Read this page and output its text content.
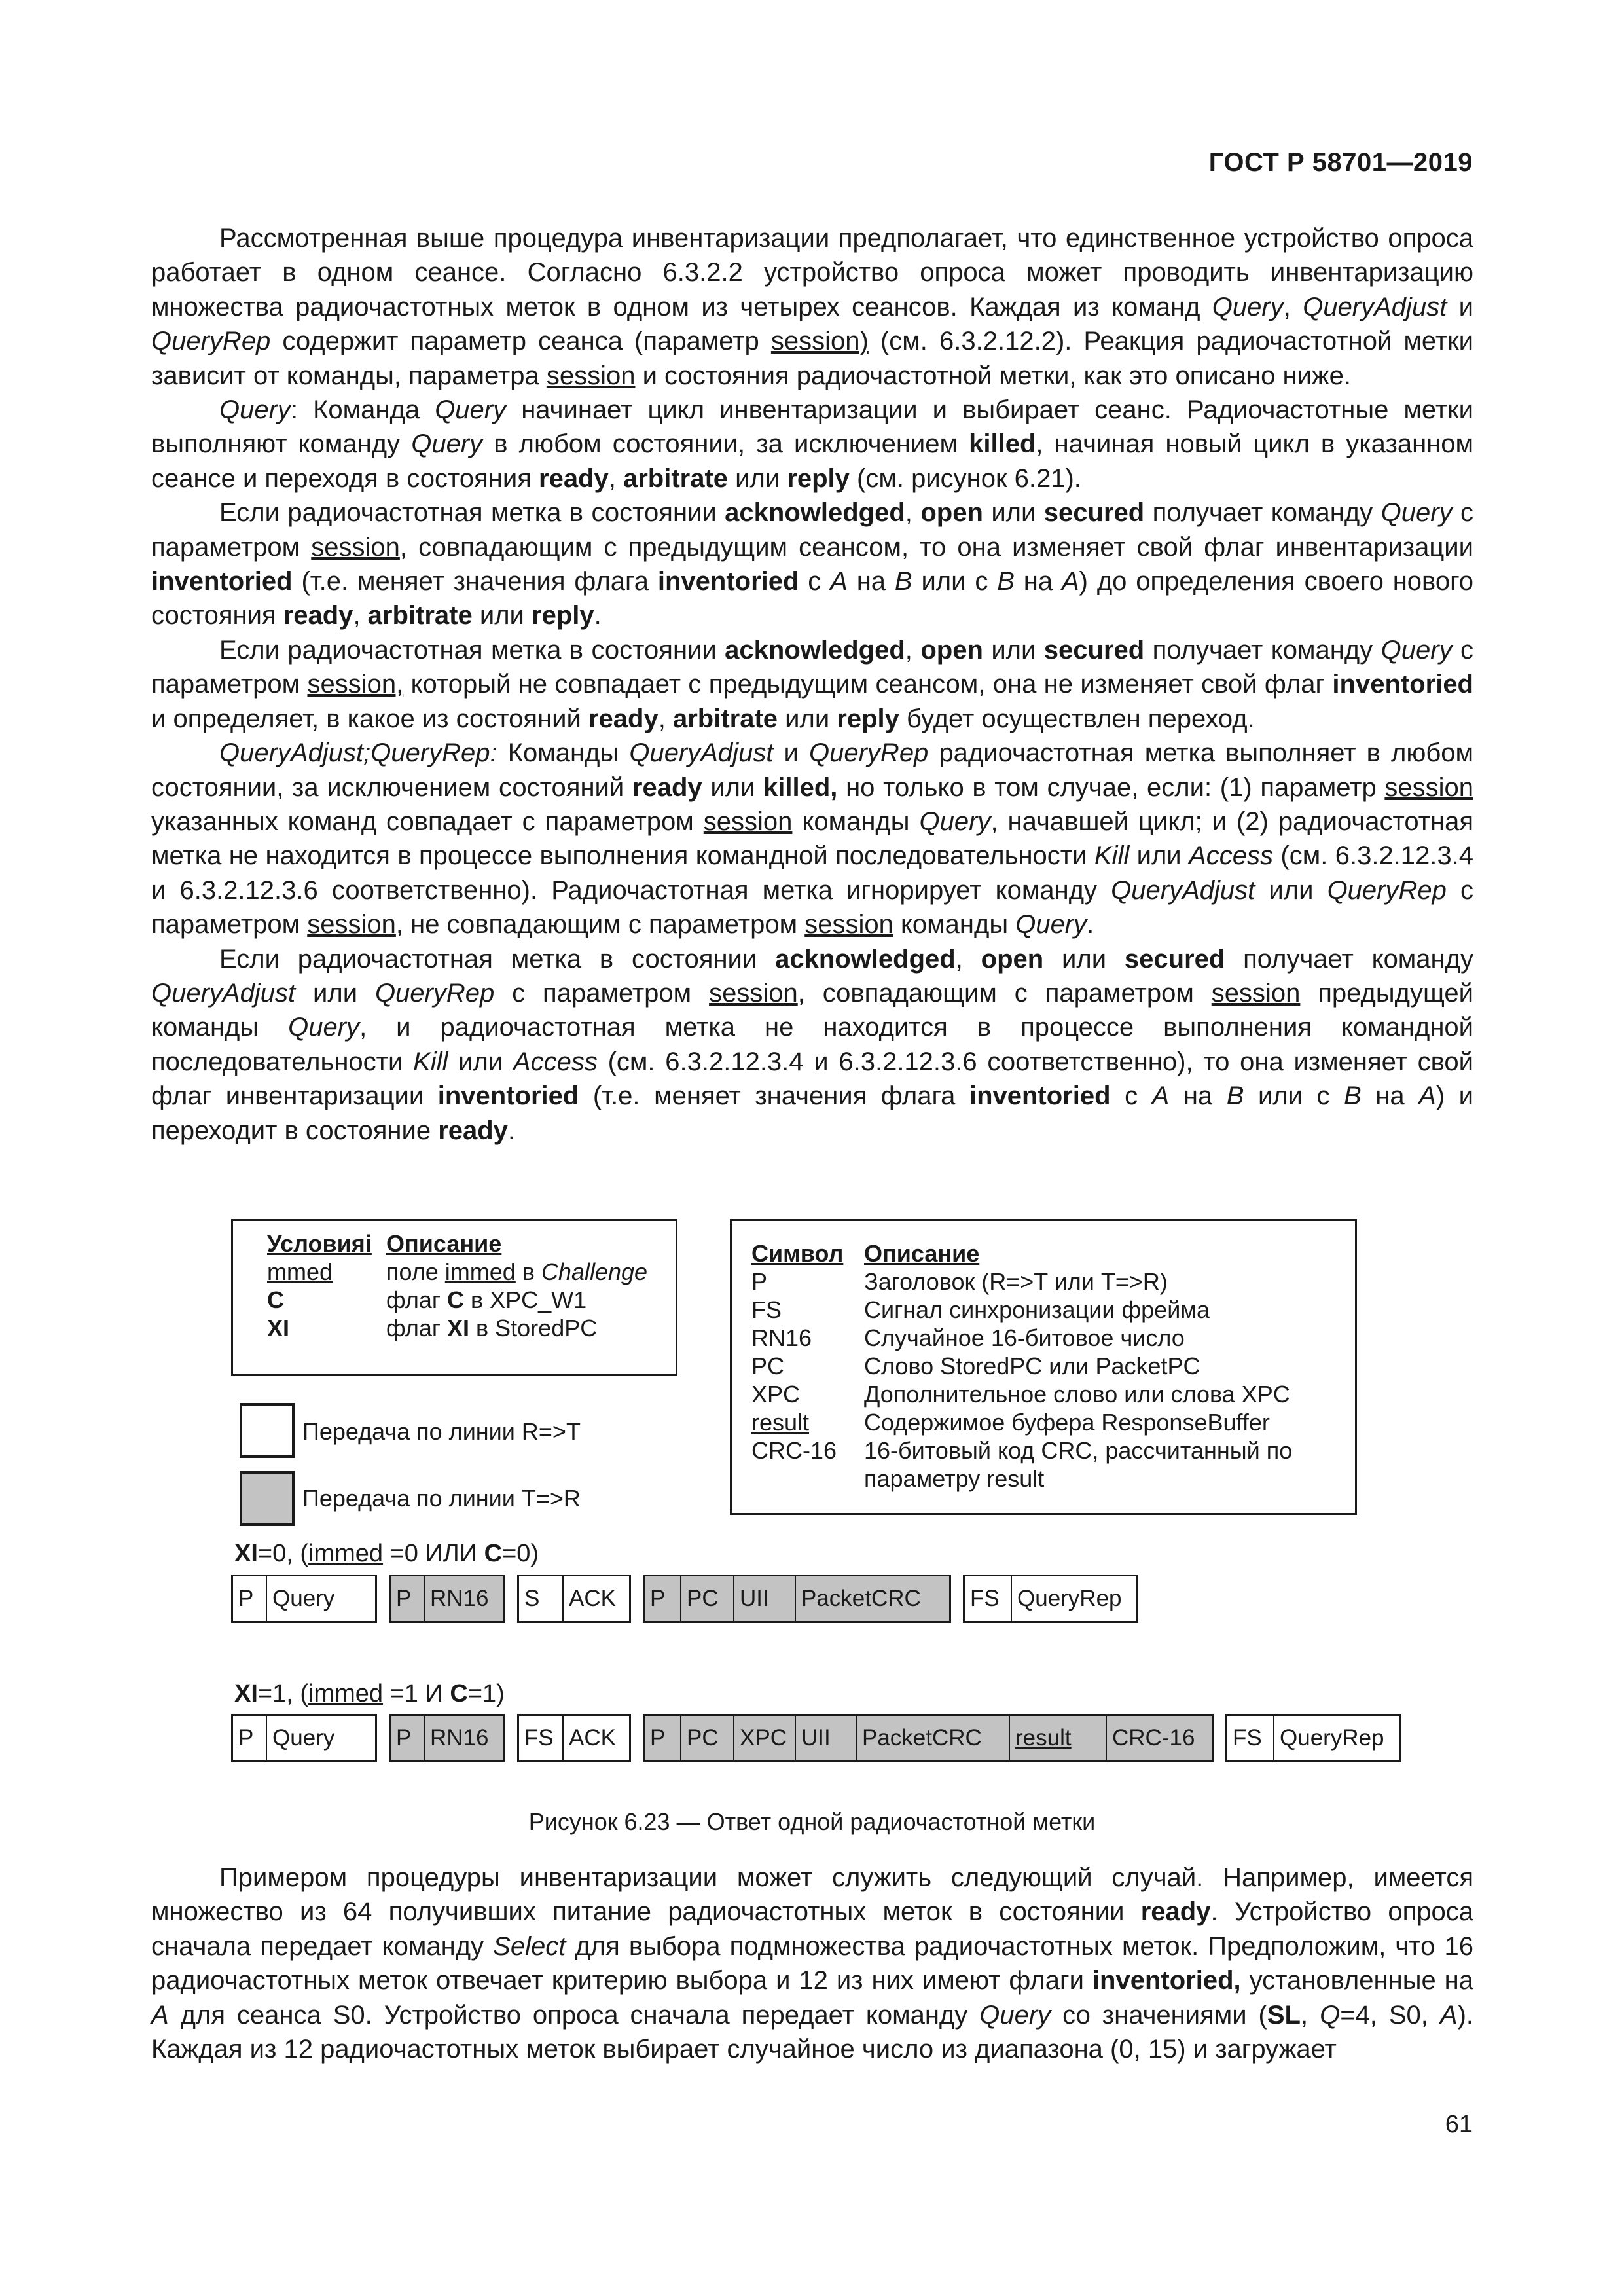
ГОСТ Р 58701—2019

Рассмотренная выше процедура инвентаризации предполагает, что единственное устройство опроса работает в одном сеансе. Согласно 6.3.2.2 устройство опроса может проводить инвентаризацию множества радиочастотных меток в одном из четырех сеансов. Каждая из команд Query, QueryAdjust и QueryRep содержит параметр сеанса (параметр session) (см. 6.3.2.12.2). Реакция радиочастотной метки зависит от команды, параметра session и состояния радиочастотной метки, как это описано ниже.

Query: Команда Query начинает цикл инвентаризации и выбирает сеанс. Радиочастотные метки выполняют команду Query в любом состоянии, за исключением killed, начиная новый цикл в указанном сеансе и переходя в состояния ready, arbitrate или reply (см. рисунок 6.21).

Если радиочастотная метка в состоянии acknowledged, open или secured получает команду Query с параметром session, совпадающим с предыдущим сеансом, то она изменяет свой флаг инвентаризации inventoried (т.е. меняет значения флага inventoried с A на B или с B на A) до определения своего нового состояния ready, arbitrate или reply.

Если радиочастотная метка в состоянии acknowledged, open или secured получает команду Query с параметром session, который не совпадает с предыдущим сеансом, она не изменяет свой флаг inventoried и определяет, в какое из состояний ready, arbitrate или reply будет осуществлен переход.

QueryAdjust;QueryRep: Команды QueryAdjust и QueryRep радиочастотная метка выполняет в любом состоянии, за исключением состояний ready или killed, но только в том случае, если: (1) параметр session указанных команд совпадает с параметром session команды Query, начавшей цикл; и (2) радиочастотная метка не находится в процессе выполнения командной последовательности Kill или Access (см. 6.3.2.12.3.4 и 6.3.2.12.3.6 соответственно). Радиочастотная метка игнорирует команду QueryAdjust или QueryRep с параметром session, не совпадающим с параметром session команды Query.

Если радиочастотная метка в состоянии acknowledged, open или secured получает команду QueryAdjust или QueryRep с параметром session, совпадающим с параметром session предыдущей команды Query, и радиочастотная метка не находится в процессе выполнения командной последовательности Kill или Access (см. 6.3.2.12.3.4 и 6.3.2.12.3.6 соответственно), то она изменяет свой флаг инвентаризации inventoried (т.е. меняет значения флага inventoried с A на B или с B на A) и переходит в состояние ready.

Условияi Описание
mmed	поле immed в Challenge
C	флаг C в XPC_W1
XI	флаг XI в StoredPC
Передача по линии R=>T
Передача по линии T=>R
Символ Описание
P	Заголовок (R=>T или T=>R)
FS	Сигнал синхронизации фрейма
RN16	Случайное 16-битовое число
PC	Слово StoredPC или PacketPC
XPC	Дополнительное слово или слова XPC
result	Содержимое буфера ResponseBuffer
CRC-16	16-битовый код CRC, рассчитанный по параметру result
XI=0, (immed =0 ИЛИ C=0)
P Query	P RN16	S	ACK	P PC UII	PacketCRC	FS QueryRep
XI=1, (immed =1 И C=1)
P Query	P RN16	FS ACK	P PC XPC UII	PacketCRC	result	CRC-16	FS QueryRep
Рисунок 6.23 — Ответ одной радиочастотной метки

Примером процедуры инвентаризации может служить следующий случай. Например, имеется множество из 64 получивших питание радиочастотных меток в состоянии ready. Устройство опроса сначала передает команду Select для выбора подмножества радиочастотных меток. Предположим, что 16 радиочастотных меток отвечает критерию выбора и 12 из них имеют флаги inventoried, установленные на A для сеанса S0. Устройство опроса сначала передает команду Query со значениями (SL, Q=4, S0, A). Каждая из 12 радиочастотных меток выбирает случайное число из диапазона (0, 15) и загружает

61
